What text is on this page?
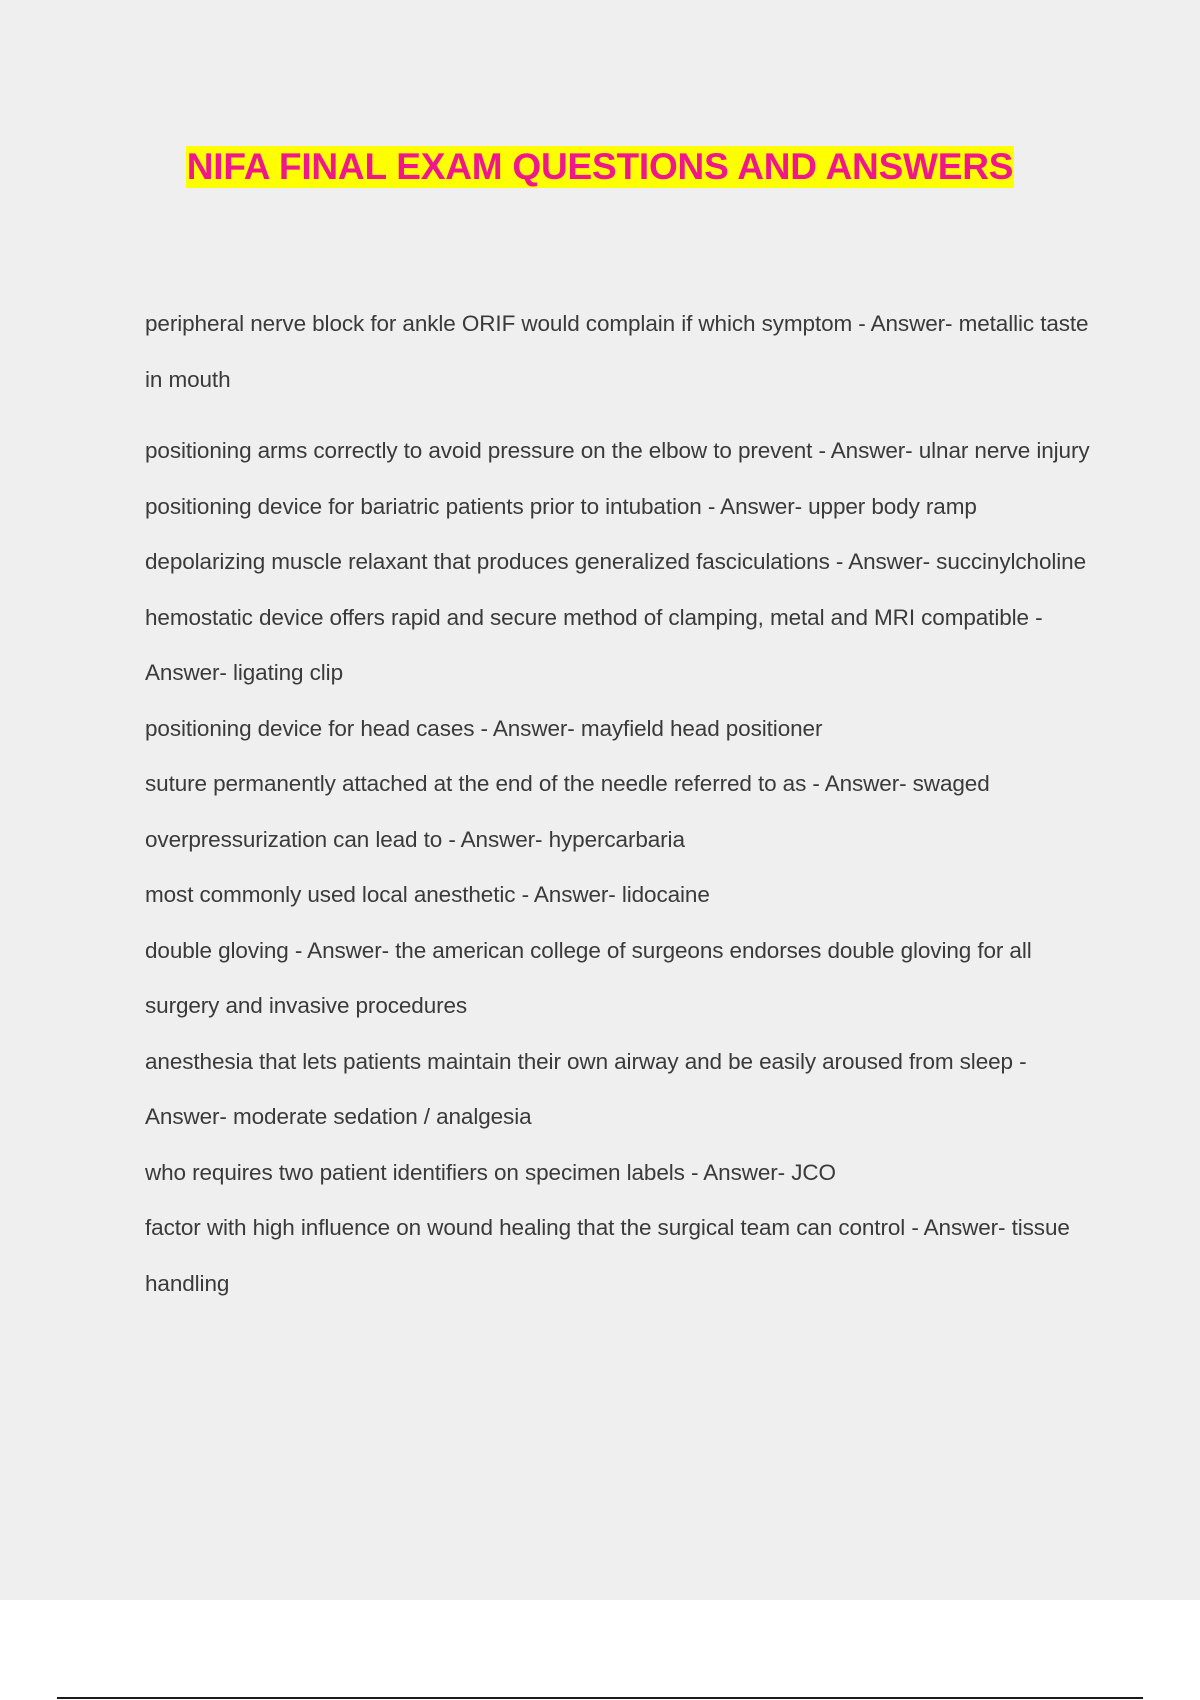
NIFA FINAL EXAM QUESTIONS AND ANSWERS
peripheral nerve block for ankle ORIF would complain if which symptom - Answer- metallic taste in mouth
positioning arms correctly to avoid pressure on the elbow to prevent - Answer- ulnar nerve injury
positioning device for bariatric patients prior to intubation - Answer- upper body ramp
depolarizing muscle relaxant that produces generalized fasciculations - Answer- succinylcholine
hemostatic device offers rapid and secure method of clamping, metal and MRI compatible - Answer- ligating clip
positioning device for head cases - Answer- mayfield head positioner
suture permanently attached at the end of the needle referred to as - Answer- swaged
overpressurization can lead to - Answer- hypercarbaria
most commonly used local anesthetic - Answer- lidocaine
double gloving - Answer- the american college of surgeons endorses double gloving for all surgery and invasive procedures
anesthesia that lets patients maintain their own airway and be easily aroused from sleep - Answer- moderate sedation / analgesia
who requires two patient identifiers on specimen labels - Answer- JCO
factor with high influence on wound healing that the surgical team can control - Answer- tissue handling
